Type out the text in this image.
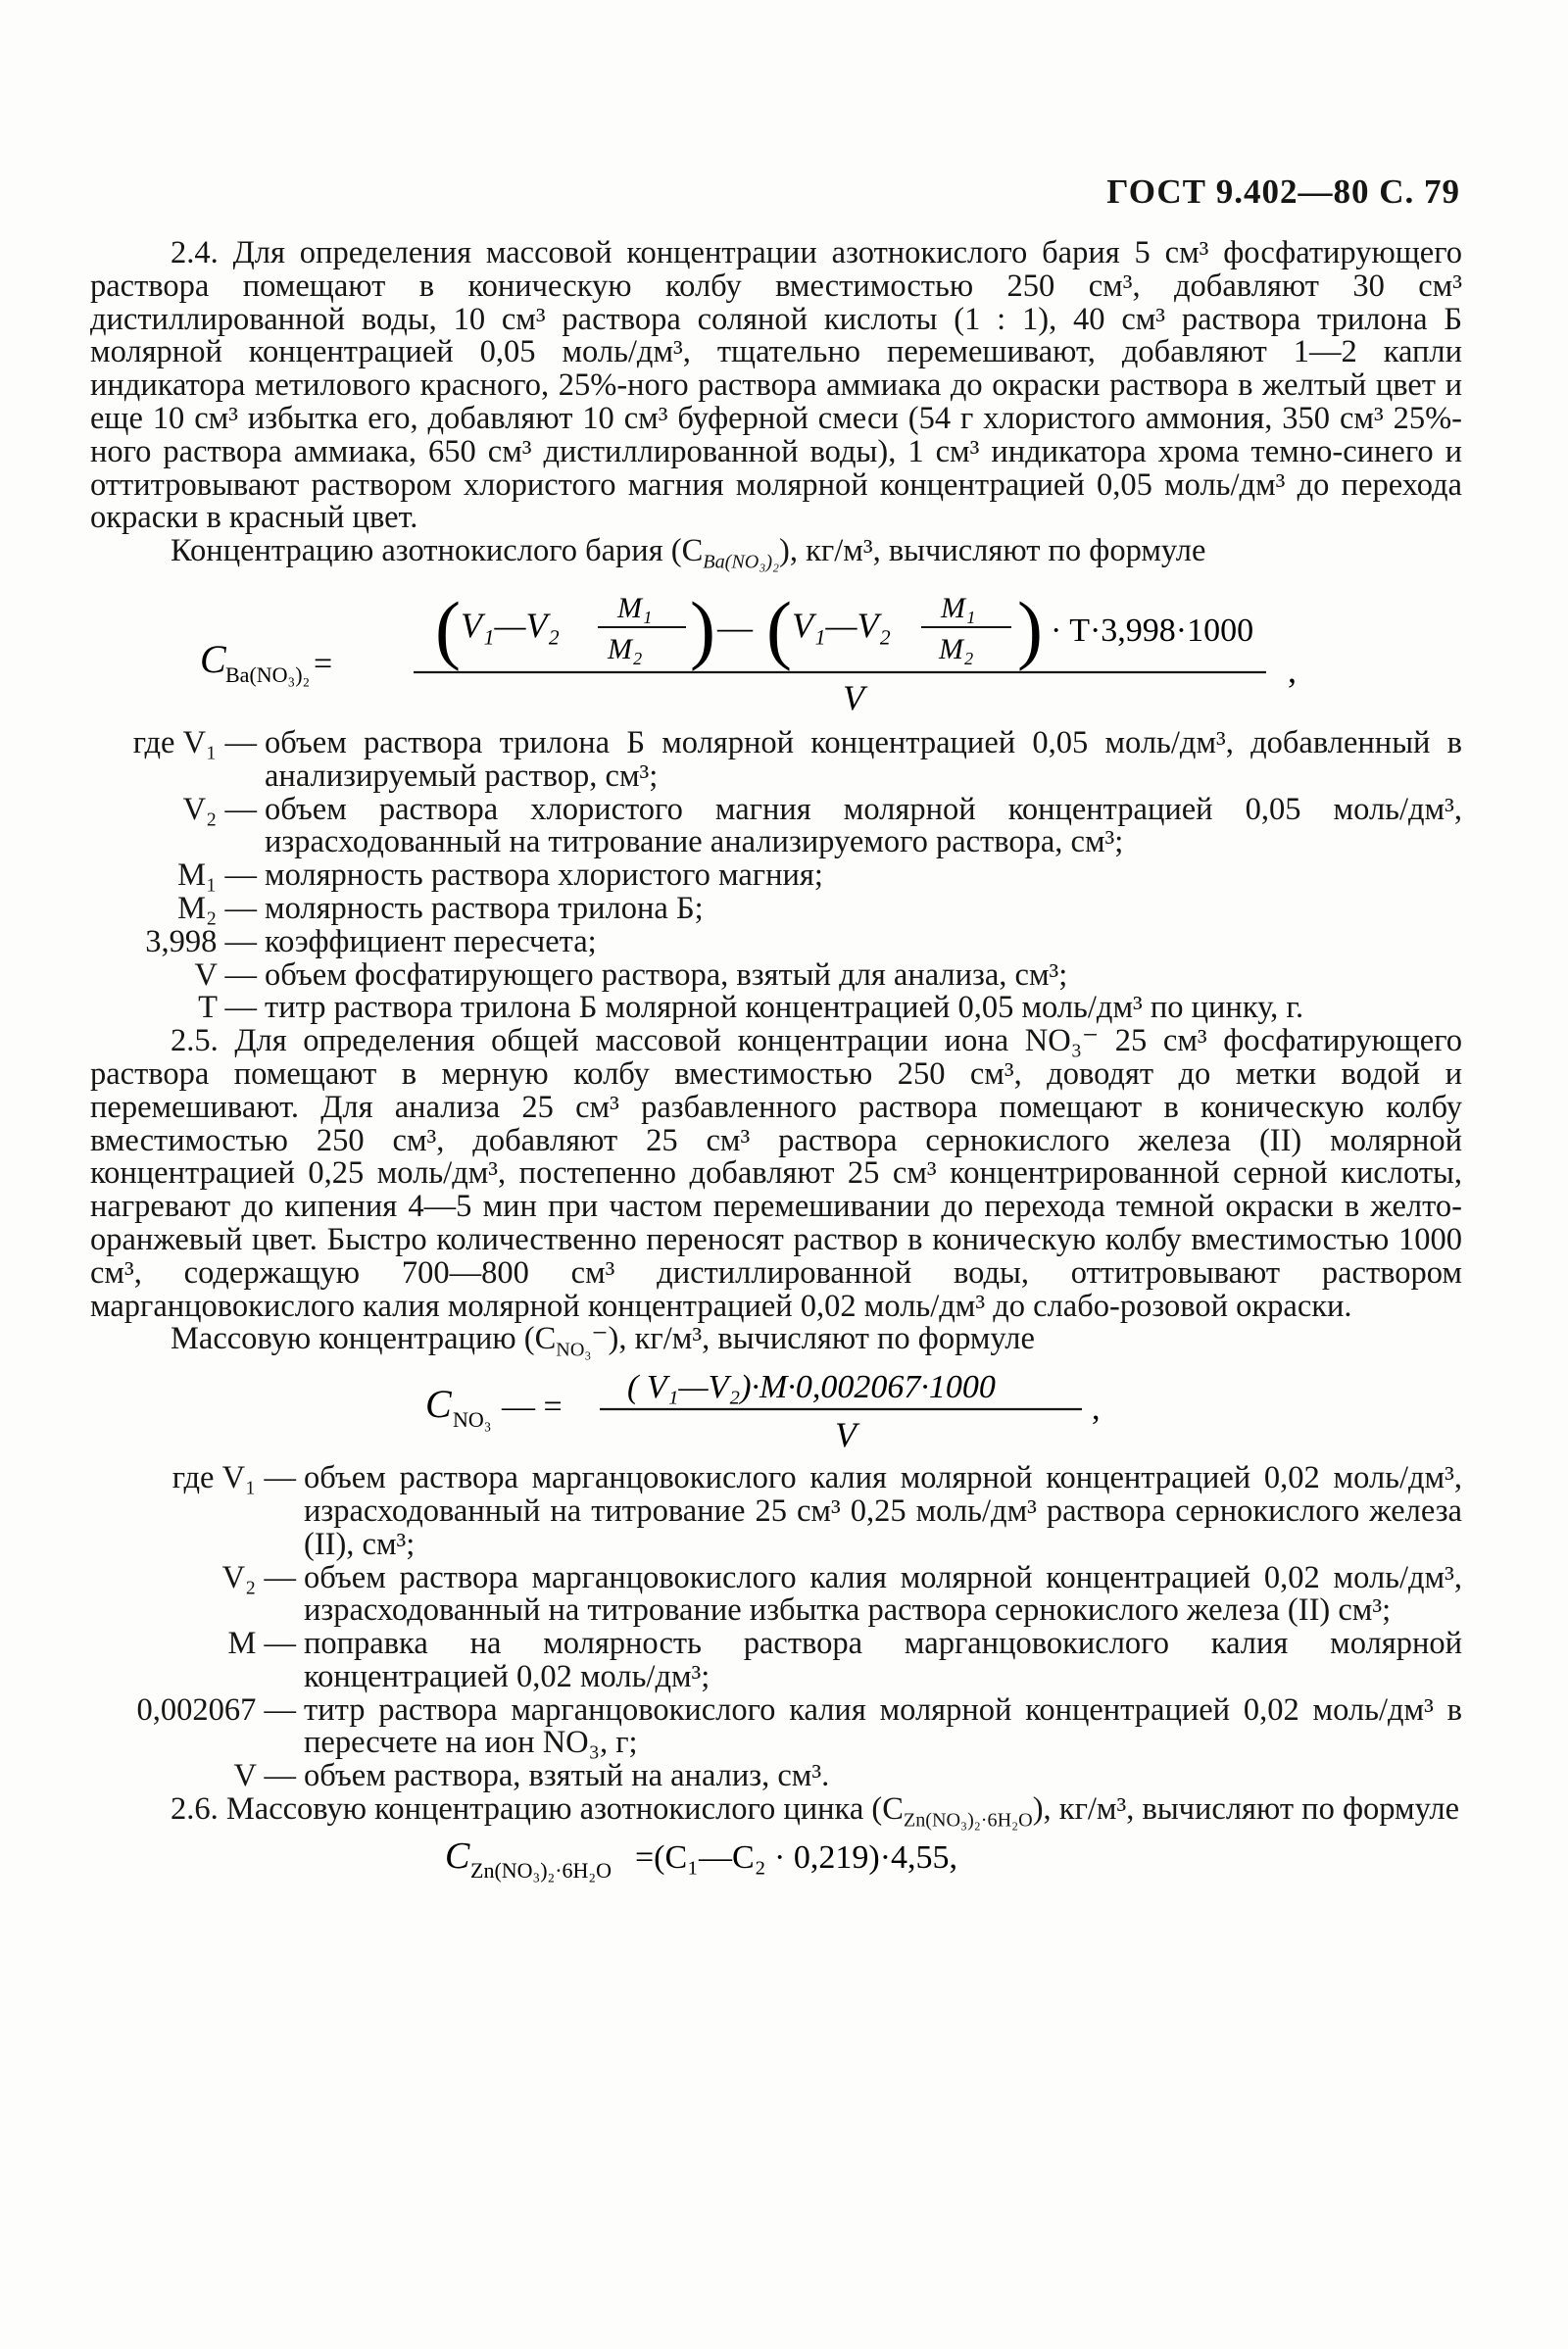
ГОСТ 9.402—80 С. 79

2.4. Для определения массовой концентрации азотнокислого бария 5 см³ фосфатирующего раствора помещают в коническую колбу вместимостью 250 см³, добавляют 30 см³ дистиллированной воды, 10 см³ раствора соляной кислоты (1 : 1), 40 см³ раствора трилона Б молярной концентрацией 0,05 моль/дм³, тщательно перемешивают, добавляют 1—2 капли индикатора метилового красного, 25%-ного раствора аммиака до окраски раствора в желтый цвет и еще 10 см³ избытка его, добавляют 10 см³ буферной смеси (54 г хлористого аммония, 350 см³ 25%-ного раствора аммиака, 650 см³ дистиллированной воды), 1 см³ индикатора хрома темно-синего и оттитровывают раствором хлористого магния молярной концентрацией 0,05 моль/дм³ до перехода окраски в красный цвет.

Концентрацию азотнокислого бария $(C_{Ba(NO_3)_2})$, кг/м³, вычисляют по формуле

C Ba(NO₃)₂ = ( V₁—V₂ M₁
M₂ ) — ( V₁—V₂ M₁
M₂ ) · T·3,998·1000
V
,
где V₁ — объем раствора трилона Б молярной концентрацией 0,05 моль/дм³, добавленный в анализируемый раствор, см³;
V₂ — объем раствора хлористого магния молярной концентрацией 0,05 моль/дм³, израсходованный на титрование анализируемого раствора, см³;
M₁ — молярность раствора хлористого магния;
M₂ — молярность раствора трилона Б;
3,998 — коэффициент пересчета;
V — объем фосфатирующего раствора, взятый для анализа, см³;
T — титр раствора трилона Б молярной концентрацией 0,05 моль/дм³ по цинку, г.

2.5. Для определения общей массовой концентрации иона NO₃⁻ 25 см³ фосфатирующего раствора помещают в мерную колбу вместимостью 250 см³, доводят до метки водой и перемешивают. Для анализа 25 см³ разбавленного раствора помещают в коническую колбу вместимостью 250 см³, добавляют 25 см³ раствора сернокислого железа (II) молярной концентрацией 0,25 моль/дм³, постепенно добавляют 25 см³ концентрированной серной кислоты, нагревают до кипения 4—5 мин при частом перемешивании до перехода темной окраски в желто-оранжевый цвет. Быстро количественно переносят раствор в коническую колбу вместимостью 1000 см³, содержащую 700—800 см³ дистиллированной воды, оттитровывают раствором марганцовокислого калия молярной концентрацией 0,02 моль/дм³ до слабо-розовой окраски.

Массовую концентрацию $(C_{NO_3}^-)$, кг/м³, вычисляют по формуле

C NO₃ — =
( V₁—V₂)·M·0,002067·1000
V
,
где V₁ — объем раствора марганцовокислого калия молярной концентрацией 0,02 моль/дм³, израсходованный на титрование 25 см³ 0,25 моль/дм³ раствора сернокислого железа (II), см³;
V₂ — объем раствора марганцовокислого калия молярной концентрацией 0,02 моль/дм³, израсходованный на титрование избытка раствора сернокислого железа (II) см³;
M — поправка на молярность раствора марганцовокислого калия молярной концентрацией 0,02 моль/дм³;
0,002067 — титр раствора марганцовокислого калия молярной концентрацией 0,02 моль/дм³ в пересчете на ион NO₃, г;
V — объем раствора, взятый на анализ, см³.

2.6. Массовую концентрацию азотнокислого цинка $(C_{Zn(NO_3)_2\cdot 6H_2O})$, кг/м³, вычисляют по формуле

C Zn(NO₃)₂·6H₂O =(C₁—C₂ · 0,219)·4,55,
